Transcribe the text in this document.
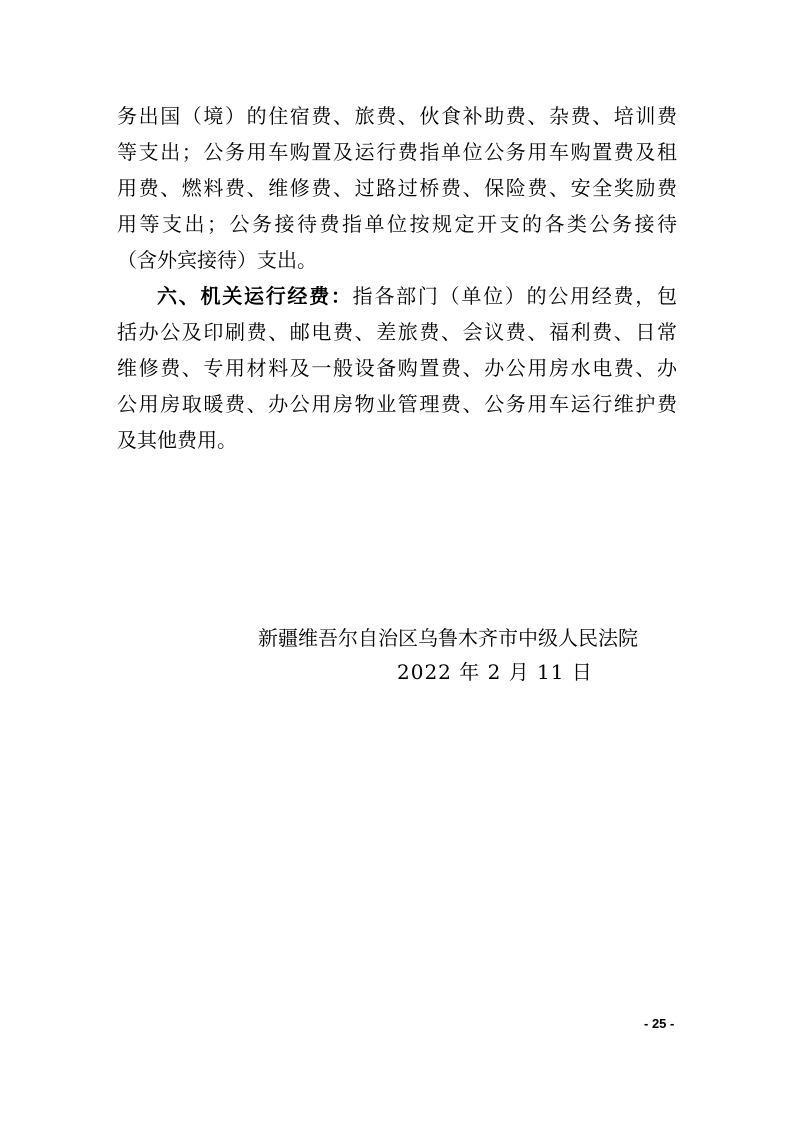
务出国（境）的住宿费、旅费、伙食补助费、杂费、培训费
等支出；公务用车购置及运行费指单位公务用车购置费及租
用费、燃料费、维修费、过路过桥费、保险费、安全奖励费
用等支出；公务接待费指单位按规定开支的各类公务接待
（含外宾接待）支出。
六、机关运行经费：指各部门（单位）的公用经费，包
括办公及印刷费、邮电费、差旅费、会议费、福利费、日常
维修费、专用材料及一般设备购置费、办公用房水电费、办
公用房取暖费、办公用房物业管理费、公务用车运行维护费
及其他费用。
新疆维吾尔自治区乌鲁木齐市中级人民法院
2022 年 2 月 11 日
- 25 -
